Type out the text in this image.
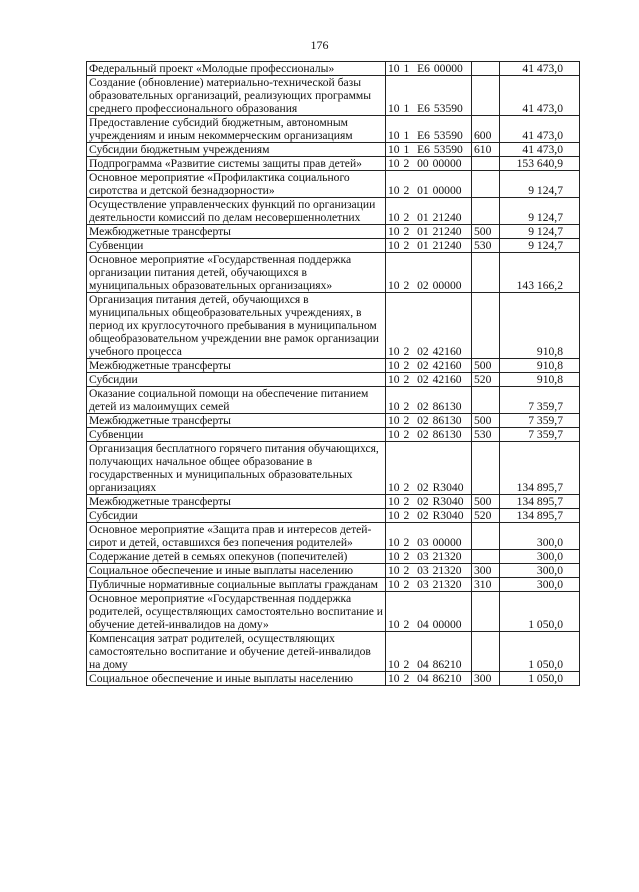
176
Федеральный проект «Молодые профессионалы»	10 1  Е6 00000		41 473,0
Создание (обновление) материально-технической базы образовательных организаций, реализующих программы среднего профессионального образования	10 1  Е6 53590		41 473,0
Предоставление субсидий бюджетным, автономным учреждениям и иным некоммерческим организациям	10 1  Е6 53590	600	41 473,0
Субсидии бюджетным учреждениям	10 1  Е6 53590	610	41 473,0
Подпрограмма «Развитие системы защиты прав детей»	10 2  00 00000		153 640,9
Основное мероприятие «Профилактика социального сиротства и детской безнадзорности»	10 2  01 00000		9 124,7
Осуществление управленческих функций по организации деятельности комиссий по делам несовершеннолетних	10 2  01 21240		9 124,7
Межбюджетные трансферты	10 2  01 21240	500	9 124,7
Субвенции	10 2  01 21240	530	9 124,7
Основное мероприятие «Государственная поддержка организации питания детей, обучающихся в муниципальных образовательных организациях»	10 2  02 00000		143 166,2
Организация питания детей, обучающихся в муниципальных общеобразовательных учреждениях, в период их круглосуточного пребывания в муниципальном общеобразовательном учреждении вне рамок организации учебного процесса	10 2  02 42160		910,8
Межбюджетные трансферты	10 2  02 42160	500	910,8
Субсидии	10 2  02 42160	520	910,8
Оказание социальной помощи на обеспечение питанием детей из малоимущих семей	10 2  02 86130		7 359,7
Межбюджетные трансферты	10 2  02 86130	500	7 359,7
Субвенции	10 2  02 86130	530	7 359,7
Организация бесплатного горячего питания обучающихся, получающих начальное общее образование в государственных и муниципальных образовательных организациях	10 2  02 R3040		134 895,7
Межбюджетные трансферты	10 2  02 R3040	500	134 895,7
Субсидии	10 2  02 R3040	520	134 895,7
Основное мероприятие «Защита прав и интересов детей-сирот и детей, оставшихся без попечения родителей»	10 2  03 00000		300,0
Содержание детей в семьях опекунов (попечителей)	10 2  03 21320		300,0
Социальное обеспечение и иные выплаты населению	10 2  03 21320	300	300,0
Публичные нормативные социальные выплаты гражданам	10 2  03 21320	310	300,0
Основное мероприятие «Государственная поддержка родителей, осуществляющих самостоятельно воспитание и обучение детей-инвалидов на дому»	10 2  04 00000		1 050,0
Компенсация затрат родителей, осуществляющих самостоятельно воспитание и обучение детей-инвалидов на дому	10 2  04 86210		1 050,0
Социальное обеспечение и иные выплаты населению	10 2  04 86210	300	1 050,0
